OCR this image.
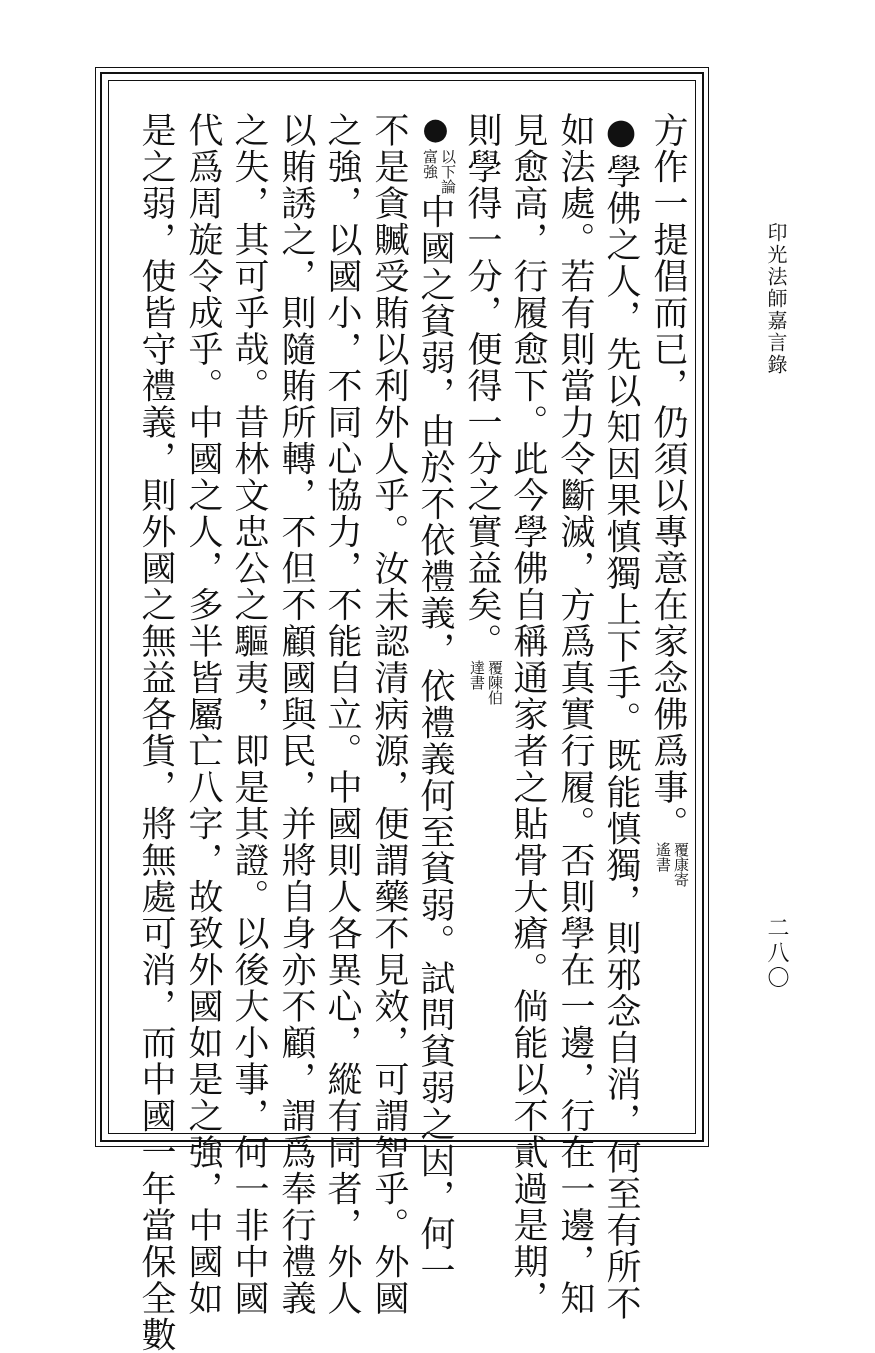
印光法師嘉言錄
二八〇
方作一提倡而已，仍須以專意在家念佛爲事。
覆康寄
遙書
●學佛之人，先以知因果慎獨上下手。既能慎獨，則邪念自消，何至有所不
如法處。若有則當力令斷滅，方爲真實行履。否則學在一邊，行在一邊，知
見愈高，行履愈下。此今學佛自稱通家者之貼骨大瘡。倘能以不貳過是期，
則學得一分，便得一分之實益矣。
覆陳伯
達書
●
以下論
富強
中國之貧弱，由於不依禮義，依禮義何至貧弱。試問貧弱之因，何一
不是貪贓受賄以利外人乎。汝未認清病源，便謂藥不見效，可謂智乎。外國
之強，以國小，不同心協力，不能自立。中國則人各異心，縱有同者，外人
以賄誘之，則隨賄所轉，不但不顧國與民，并將自身亦不顧，謂爲奉行禮義
之失，其可乎哉。昔林文忠公之驅夷，即是其證。以後大小事，何一非中國
代爲周旋令成乎。中國之人，多半皆屬亡八字，故致外國如是之強，中國如
是之弱，使皆守禮義，則外國之無益各貨，將無處可消，而中國一年當保全數
